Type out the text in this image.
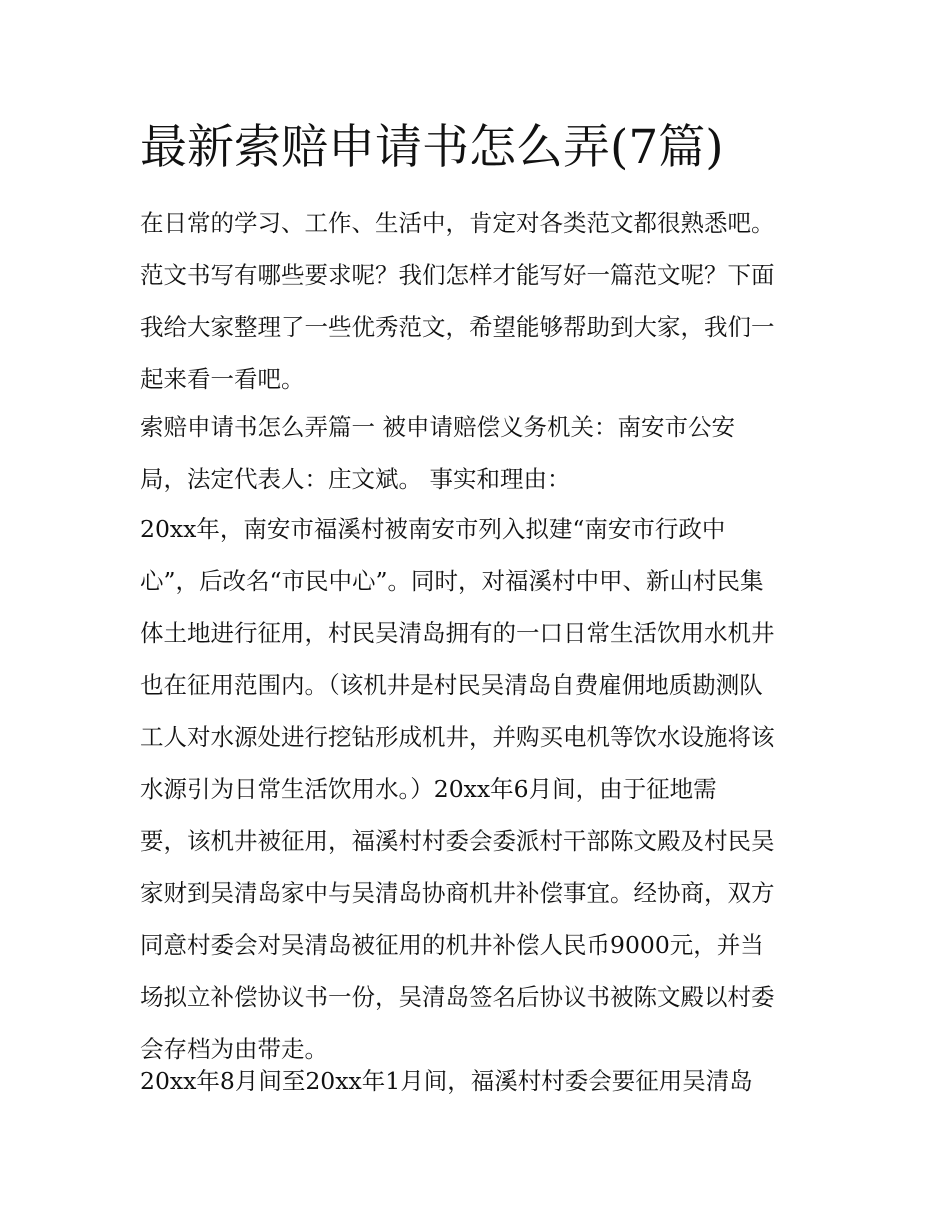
最新索赔申请书怎么弄(7篇)

在日常的学习、工作、生活中，肯定对各类范文都很熟悉吧。

范文书写有哪些要求呢？我们怎样才能写好一篇范文呢？下面

我给大家整理了一些优秀范文，希望能够帮助到大家，我们一

起来看一看吧。

索赔申请书怎么弄篇一 被申请赔偿义务机关：南安市公安

局，法定代表人：庄文斌。 事实和理由：

20xx年，南安市福溪村被南安市列入拟建“南安市行政中

心”，后改名“市民中心”。同时，对福溪村中甲、新山村民集

体土地进行征用，村民吴清岛拥有的一口日常生活饮用水机井

也在征用范围内。（该机井是村民吴清岛自费雇佣地质勘测队

工人对水源处进行挖钻形成机井，并购买电机等饮水设施将该

水源引为日常生活饮用水。）20xx年6月间，由于征地需

要，该机井被征用，福溪村村委会委派村干部陈文殿及村民吴

家财到吴清岛家中与吴清岛协商机井补偿事宜。经协商，双方

同意村委会对吴清岛被征用的机井补偿人民币9000元，并当

场拟立补偿协议书一份，吴清岛签名后协议书被陈文殿以村委

会存档为由带走。

20xx年8月间至20xx年1月间，福溪村村委会要征用吴清岛
